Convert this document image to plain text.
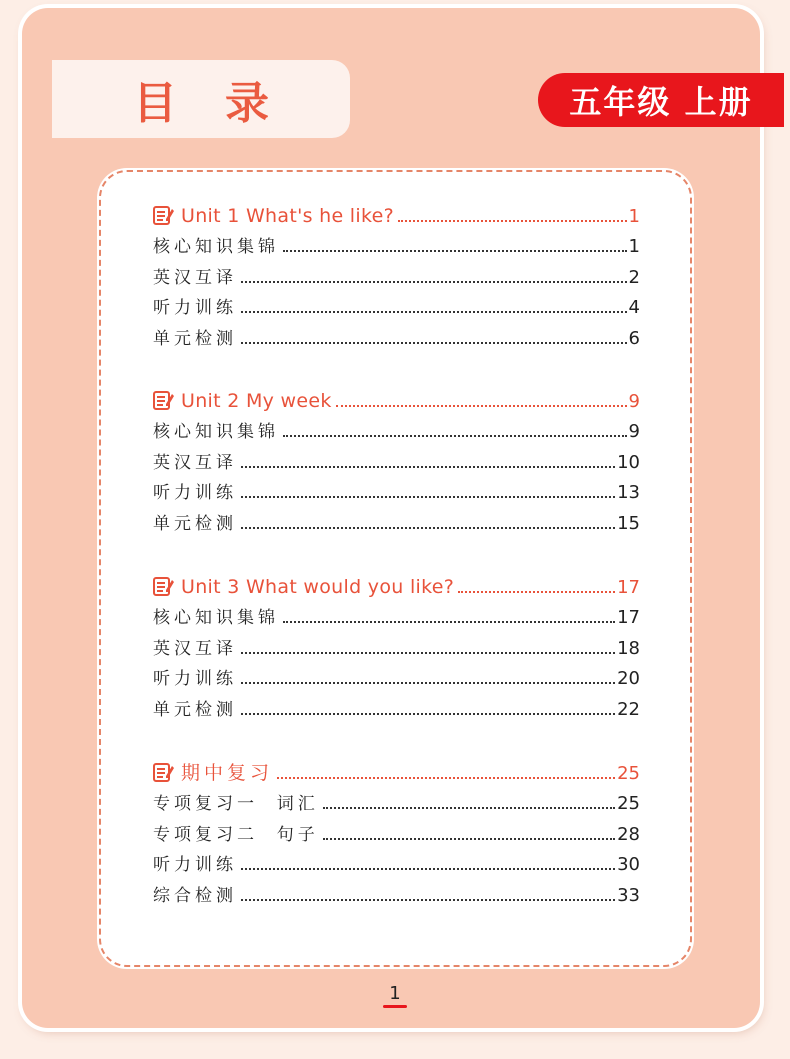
目录	五年级 上册
Unit 1 What's he like?	1
核心知识集锦	1
英汉互译	2
听力训练	4
单元检测	6
Unit 2 My week	9
核心知识集锦	9
英汉互译	10
听力训练	13
单元检测	15
Unit 3 What would you like?	17
核心知识集锦	17
英汉互译	18
听力训练	20
单元检测	22
期中复习	25
专项复习一  词汇	25
专项复习二  句子	28
听力训练	30
综合检测	33
1
